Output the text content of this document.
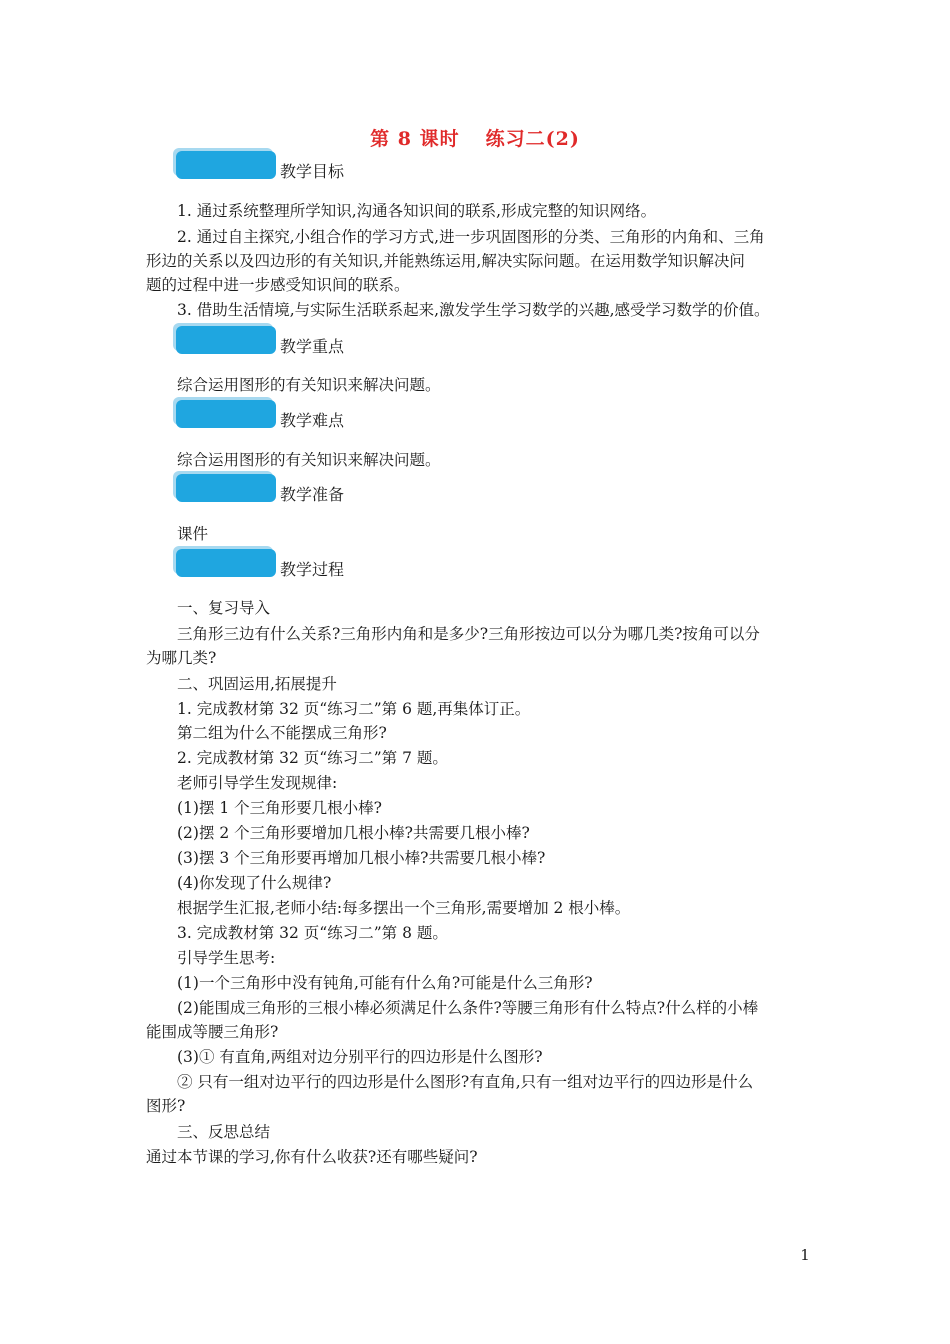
第 8 课时 练习二(2)
教学目标
1. 通过系统整理所学知识,沟通各知识间的联系,形成完整的知识网络。
2. 通过自主探究,小组合作的学习方式,进一步巩固图形的分类、三角形的内角和、三角
形边的关系以及四边形的有关知识,并能熟练运用,解决实际问题。在运用数学知识解决问
题的过程中进一步感受知识间的联系。
3. 借助生活情境,与实际生活联系起来,激发学生学习数学的兴趣,感受学习数学的价值。
教学重点
综合运用图形的有关知识来解决问题。
教学难点
综合运用图形的有关知识来解决问题。
教学准备
课件
教学过程
一、复习导入
三角形三边有什么关系?三角形内角和是多少?三角形按边可以分为哪几类?按角可以分
为哪几类?
二、巩固运用,拓展提升
1. 完成教材第 32 页“练习二”第 6 题,再集体订正。
第二组为什么不能摆成三角形?
2. 完成教材第 32 页“练习二”第 7 题。
老师引导学生发现规律:
(1)摆 1 个三角形要几根小棒?
(2)摆 2 个三角形要增加几根小棒?共需要几根小棒?
(3)摆 3 个三角形要再增加几根小棒?共需要几根小棒?
(4)你发现了什么规律?
根据学生汇报,老师小结:每多摆出一个三角形,需要增加 2 根小棒。
3. 完成教材第 32 页“练习二”第 8 题。
引导学生思考:
(1)一个三角形中没有钝角,可能有什么角?可能是什么三角形?
(2)能围成三角形的三根小棒必须满足什么条件?等腰三角形有什么特点?什么样的小棒
能围成等腰三角形?
(3)① 有直角,两组对边分别平行的四边形是什么图形?
② 只有一组对边平行的四边形是什么图形?有直角,只有一组对边平行的四边形是什么
图形?
三、反思总结
通过本节课的学习,你有什么收获?还有哪些疑问?
1
